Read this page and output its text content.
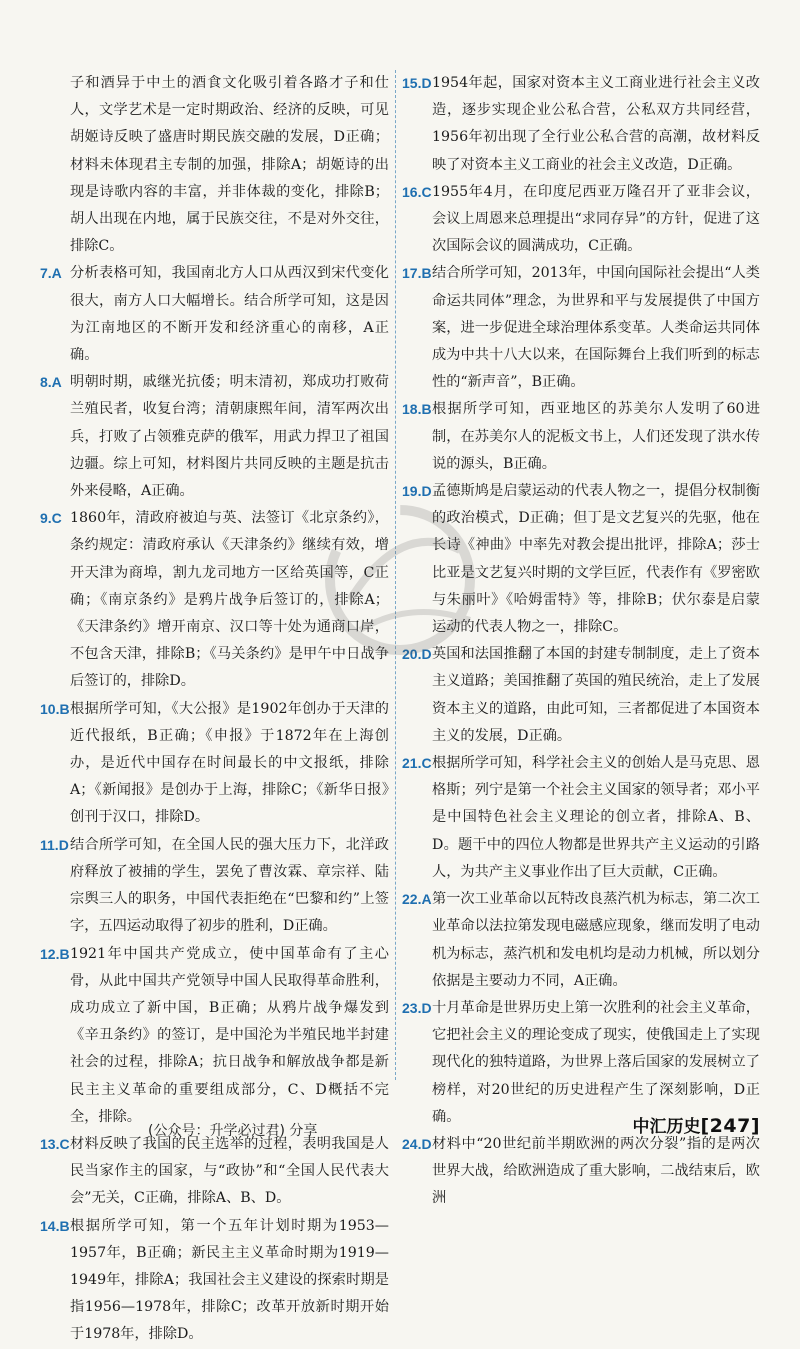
子和酒异于中土的酒食文化吸引着各路才子和仕人，文学艺术是一定时期政治、经济的反映，可见胡姬诗反映了盛唐时期民族交融的发展，D正确；材料未体现君主专制的加强，排除A；胡姬诗的出现是诗歌内容的丰富，并非体裁的变化，排除B；胡人出现在内地，属于民族交往，不是对外交往，排除C。
7.A 分析表格可知，我国南北方人口从西汉到宋代变化很大，南方人口大幅增长。结合所学可知，这是因为江南地区的不断开发和经济重心的南移，A正确。
8.A 明朝时期，戚继光抗倭；明末清初，郑成功打败荷兰殖民者，收复台湾；清朝康熙年间，清军两次出兵，打败了占领雅克萨的俄军，用武力捍卫了祖国边疆。综上可知，材料图片共同反映的主题是抗击外来侵略，A正确。
9.C 1860年，清政府被迫与英、法签订《北京条约》，条约规定：清政府承认《天津条约》继续有效，增开天津为商埠，割九龙司地方一区给英国等，C正确；《南京条约》是鸦片战争后签订的，排除A；《天津条约》增开南京、汉口等十处为通商口岸，不包含天津，排除B；《马关条约》是甲午中日战争后签订的，排除D。
10.B 根据所学可知，《大公报》是1902年创办于天津的近代报纸，B正确；《申报》于1872年在上海创办，是近代中国存在时间最长的中文报纸，排除A；《新闻报》是创办于上海，排除C；《新华日报》创刊于汉口，排除D。
11.D 结合所学可知，在全国人民的强大压力下，北洋政府释放了被捕的学生，罢免了曹汝霖、章宗祥、陆宗舆三人的职务，中国代表拒绝在“巴黎和约”上签字，五四运动取得了初步的胜利，D正确。
12.B 1921年中国共产党成立，使中国革命有了主心骨，从此中国共产党领导中国人民取得革命胜利，成功成立了新中国，B正确；从鸦片战争爆发到《辛丑条约》的签订，是中国沦为半殖民地半封建社会的过程，排除A；抗日战争和解放战争都是新民主主义革命的重要组成部分，C、D概括不完全，排除。
13.C 材料反映了我国的民主选举的过程，表明我国是人民当家作主的国家，与“政协”和“全国人民代表大会”无关，C正确，排除A、B、D。
14.B 根据所学可知，第一个五年计划时期为1953—1957年，B正确；新民主主义革命时期为1919—1949年，排除A；我国社会主义建设的探索时期是指1956—1978年，排除C；改革开放新时期开始于1978年，排除D。
15.D 1954年起，国家对资本主义工商业进行社会主义改造，逐步实现企业公私合营，公私双方共同经营，1956年初出现了全行业公私合营的高潮，故材料反映了对资本主义工商业的社会主义改造，D正确。
16.C 1955年4月，在印度尼西亚万隆召开了亚非会议，会议上周恩来总理提出“求同存异”的方针，促进了这次国际会议的圆满成功，C正确。
17.B 结合所学可知，2013年，中国向国际社会提出“人类命运共同体”理念，为世界和平与发展提供了中国方案，进一步促进全球治理体系变革。人类命运共同体成为中共十八大以来，在国际舞台上我们听到的标志性的“新声音”，B正确。
18.B 根据所学可知，西亚地区的苏美尔人发明了60进制，在苏美尔人的泥板文书上，人们还发现了洪水传说的源头，B正确。
19.D 孟德斯鸠是启蒙运动的代表人物之一，提倡分权制衡的政治模式，D正确；但丁是文艺复兴的先驱，他在长诗《神曲》中率先对教会提出批评，排除A；莎士比亚是文艺复兴时期的文学巨匠，代表作有《罗密欧与朱丽叶》《哈姆雷特》等，排除B；伏尔泰是启蒙运动的代表人物之一，排除C。
20.D 英国和法国推翻了本国的封建专制制度，走上了资本主义道路；美国推翻了英国的殖民统治，走上了发展资本主义的道路，由此可知，三者都促进了本国资本主义的发展，D正确。
21.C 根据所学可知，科学社会主义的创始人是马克思、恩格斯；列宁是第一个社会主义国家的领导者；邓小平是中国特色社会主义理论的创立者，排除A、B、D。题干中的四位人物都是世界共产主义运动的引路人，为共产主义事业作出了巨大贡献，C正确。
22.A 第一次工业革命以瓦特改良蒸汽机为标志，第二次工业革命以法拉第发现电磁感应现象，继而发明了电动机为标志，蒸汽机和发电机均是动力机械，所以划分依据是主要动力不同，A正确。
23.D 十月革命是世界历史上第一次胜利的社会主义革命，它把社会主义的理论变成了现实，使俄国走上了实现现代化的独特道路，为世界上落后国家的发展树立了榜样，对20世纪的历史进程产生了深刻影响，D正确。
24.D 材料中“20世纪前半期欧洲的两次分裂”指的是两次世界大战，给欧洲造成了重大影响，二战结束后，欧洲
(公众号：升学必过君) 分享	中汇历史[247]
